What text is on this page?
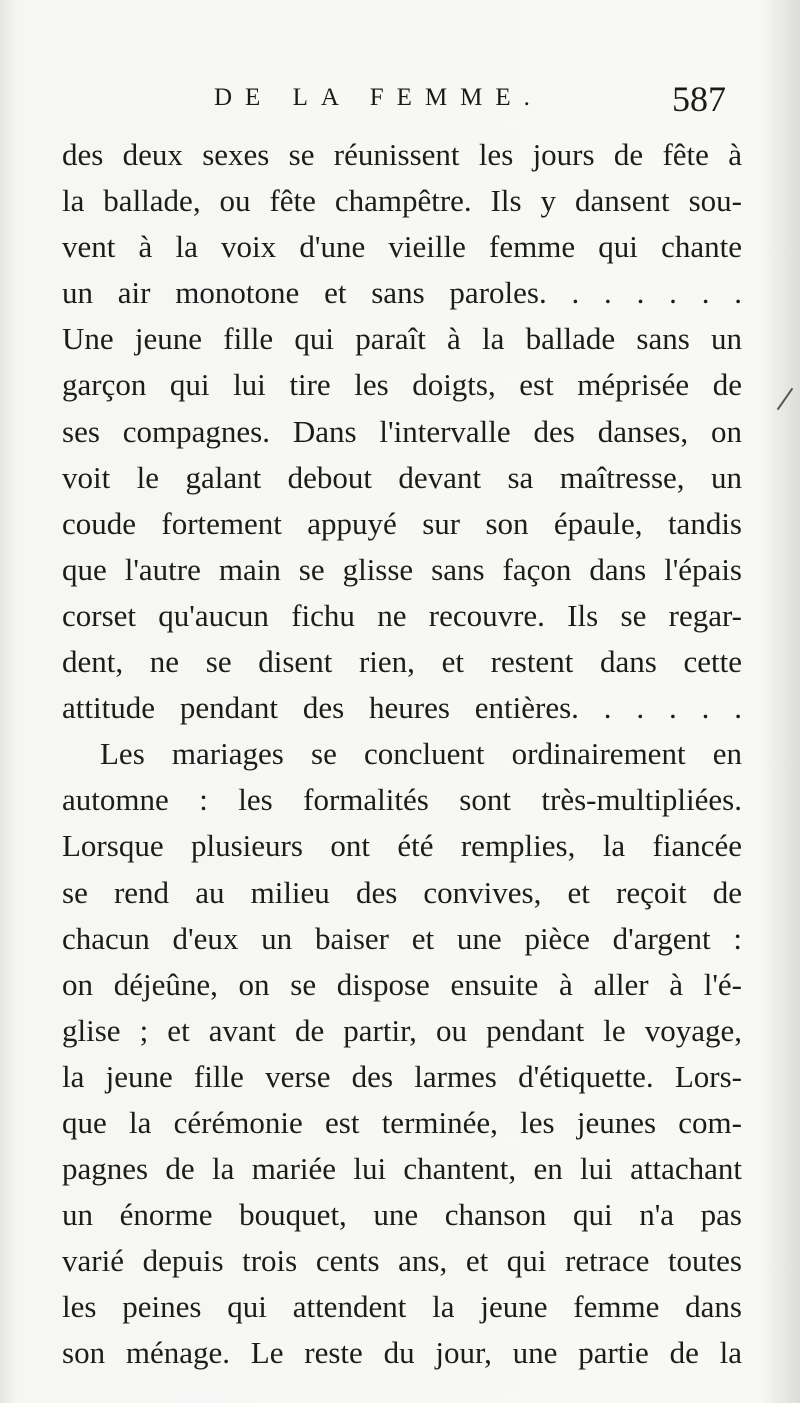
DE LA FEMME.	587
des deux sexes se réunissent les jours de fête à
la ballade, ou fête champêtre. Ils y dansent sou-
vent à la voix d'une vieille femme qui chante
un air monotone et sans paroles. . . . . . .
Une jeune fille qui paraît à la ballade sans un
garçon qui lui tire les doigts, est méprisée de
ses compagnes. Dans l'intervalle des danses, on
voit le galant debout devant sa maîtresse, un
coude fortement appuyé sur son épaule, tandis
que l'autre main se glisse sans façon dans l'épais
corset qu'aucun fichu ne recouvre. Ils se regar-
dent, ne se disent rien, et restent dans cette
attitude pendant des heures entières. . . . . .
Les mariages se concluent ordinairement en
automne : les formalités sont très-multipliées.
Lorsque plusieurs ont été remplies, la fiancée
se rend au milieu des convives, et reçoit de
chacun d'eux un baiser et une pièce d'argent :
on déjeûne, on se dispose ensuite à aller à l'é-
glise ; et avant de partir, ou pendant le voyage,
la jeune fille verse des larmes d'étiquette. Lors-
que la cérémonie est terminée, les jeunes com-
pagnes de la mariée lui chantent, en lui attachant
un énorme bouquet, une chanson qui n'a pas
varié depuis trois cents ans, et qui retrace toutes
les peines qui attendent la jeune femme dans
son ménage. Le reste du jour, une partie de la
